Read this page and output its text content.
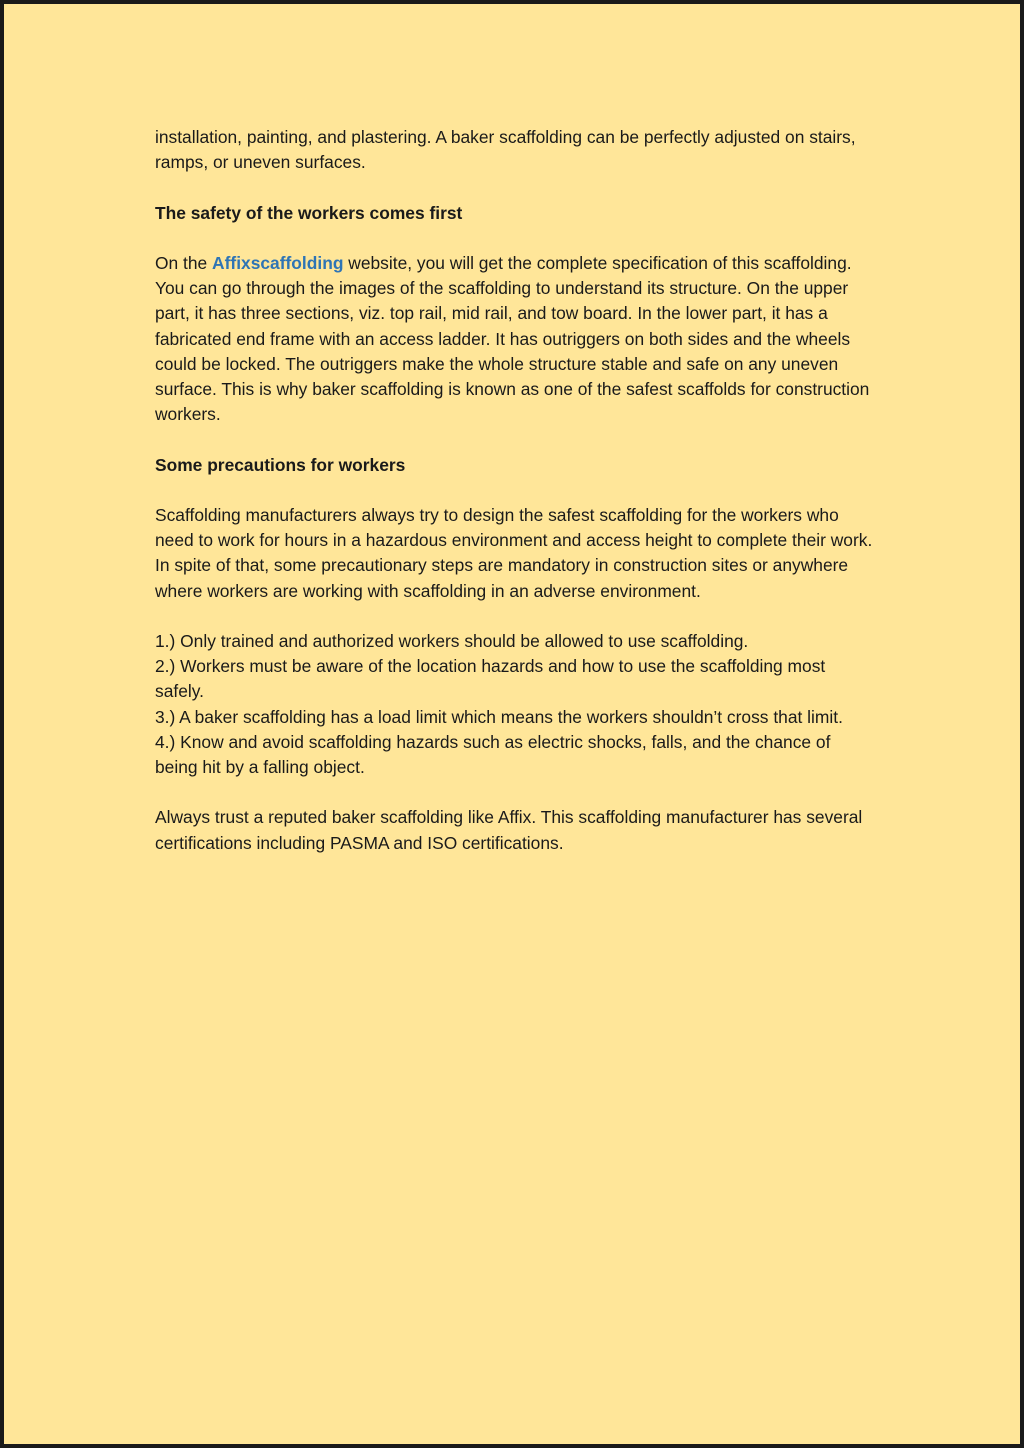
installation, painting, and plastering. A baker scaffolding can be perfectly adjusted on stairs, ramps, or uneven surfaces.

The safety of the workers comes first

On the Affixscaffolding website, you will get the complete specification of this scaffolding. You can go through the images of the scaffolding to understand its structure. On the upper part, it has three sections, viz. top rail, mid rail, and tow board. In the lower part, it has a fabricated end frame with an access ladder. It has outriggers on both sides and the wheels could be locked. The outriggers make the whole structure stable and safe on any uneven surface. This is why baker scaffolding is known as one of the safest scaffolds for construction workers.

Some precautions for workers

Scaffolding manufacturers always try to design the safest scaffolding for the workers who need to work for hours in a hazardous environment and access height to complete their work. In spite of that, some precautionary steps are mandatory in construction sites or anywhere where workers are working with scaffolding in an adverse environment.

1.) Only trained and authorized workers should be allowed to use scaffolding.
2.) Workers must be aware of the location hazards and how to use the scaffolding most safely.
3.) A baker scaffolding has a load limit which means the workers shouldn’t cross that limit.
4.) Know and avoid scaffolding hazards such as electric shocks, falls, and the chance of being hit by a falling object.

Always trust a reputed baker scaffolding like Affix. This scaffolding manufacturer has several certifications including PASMA and ISO certifications.
